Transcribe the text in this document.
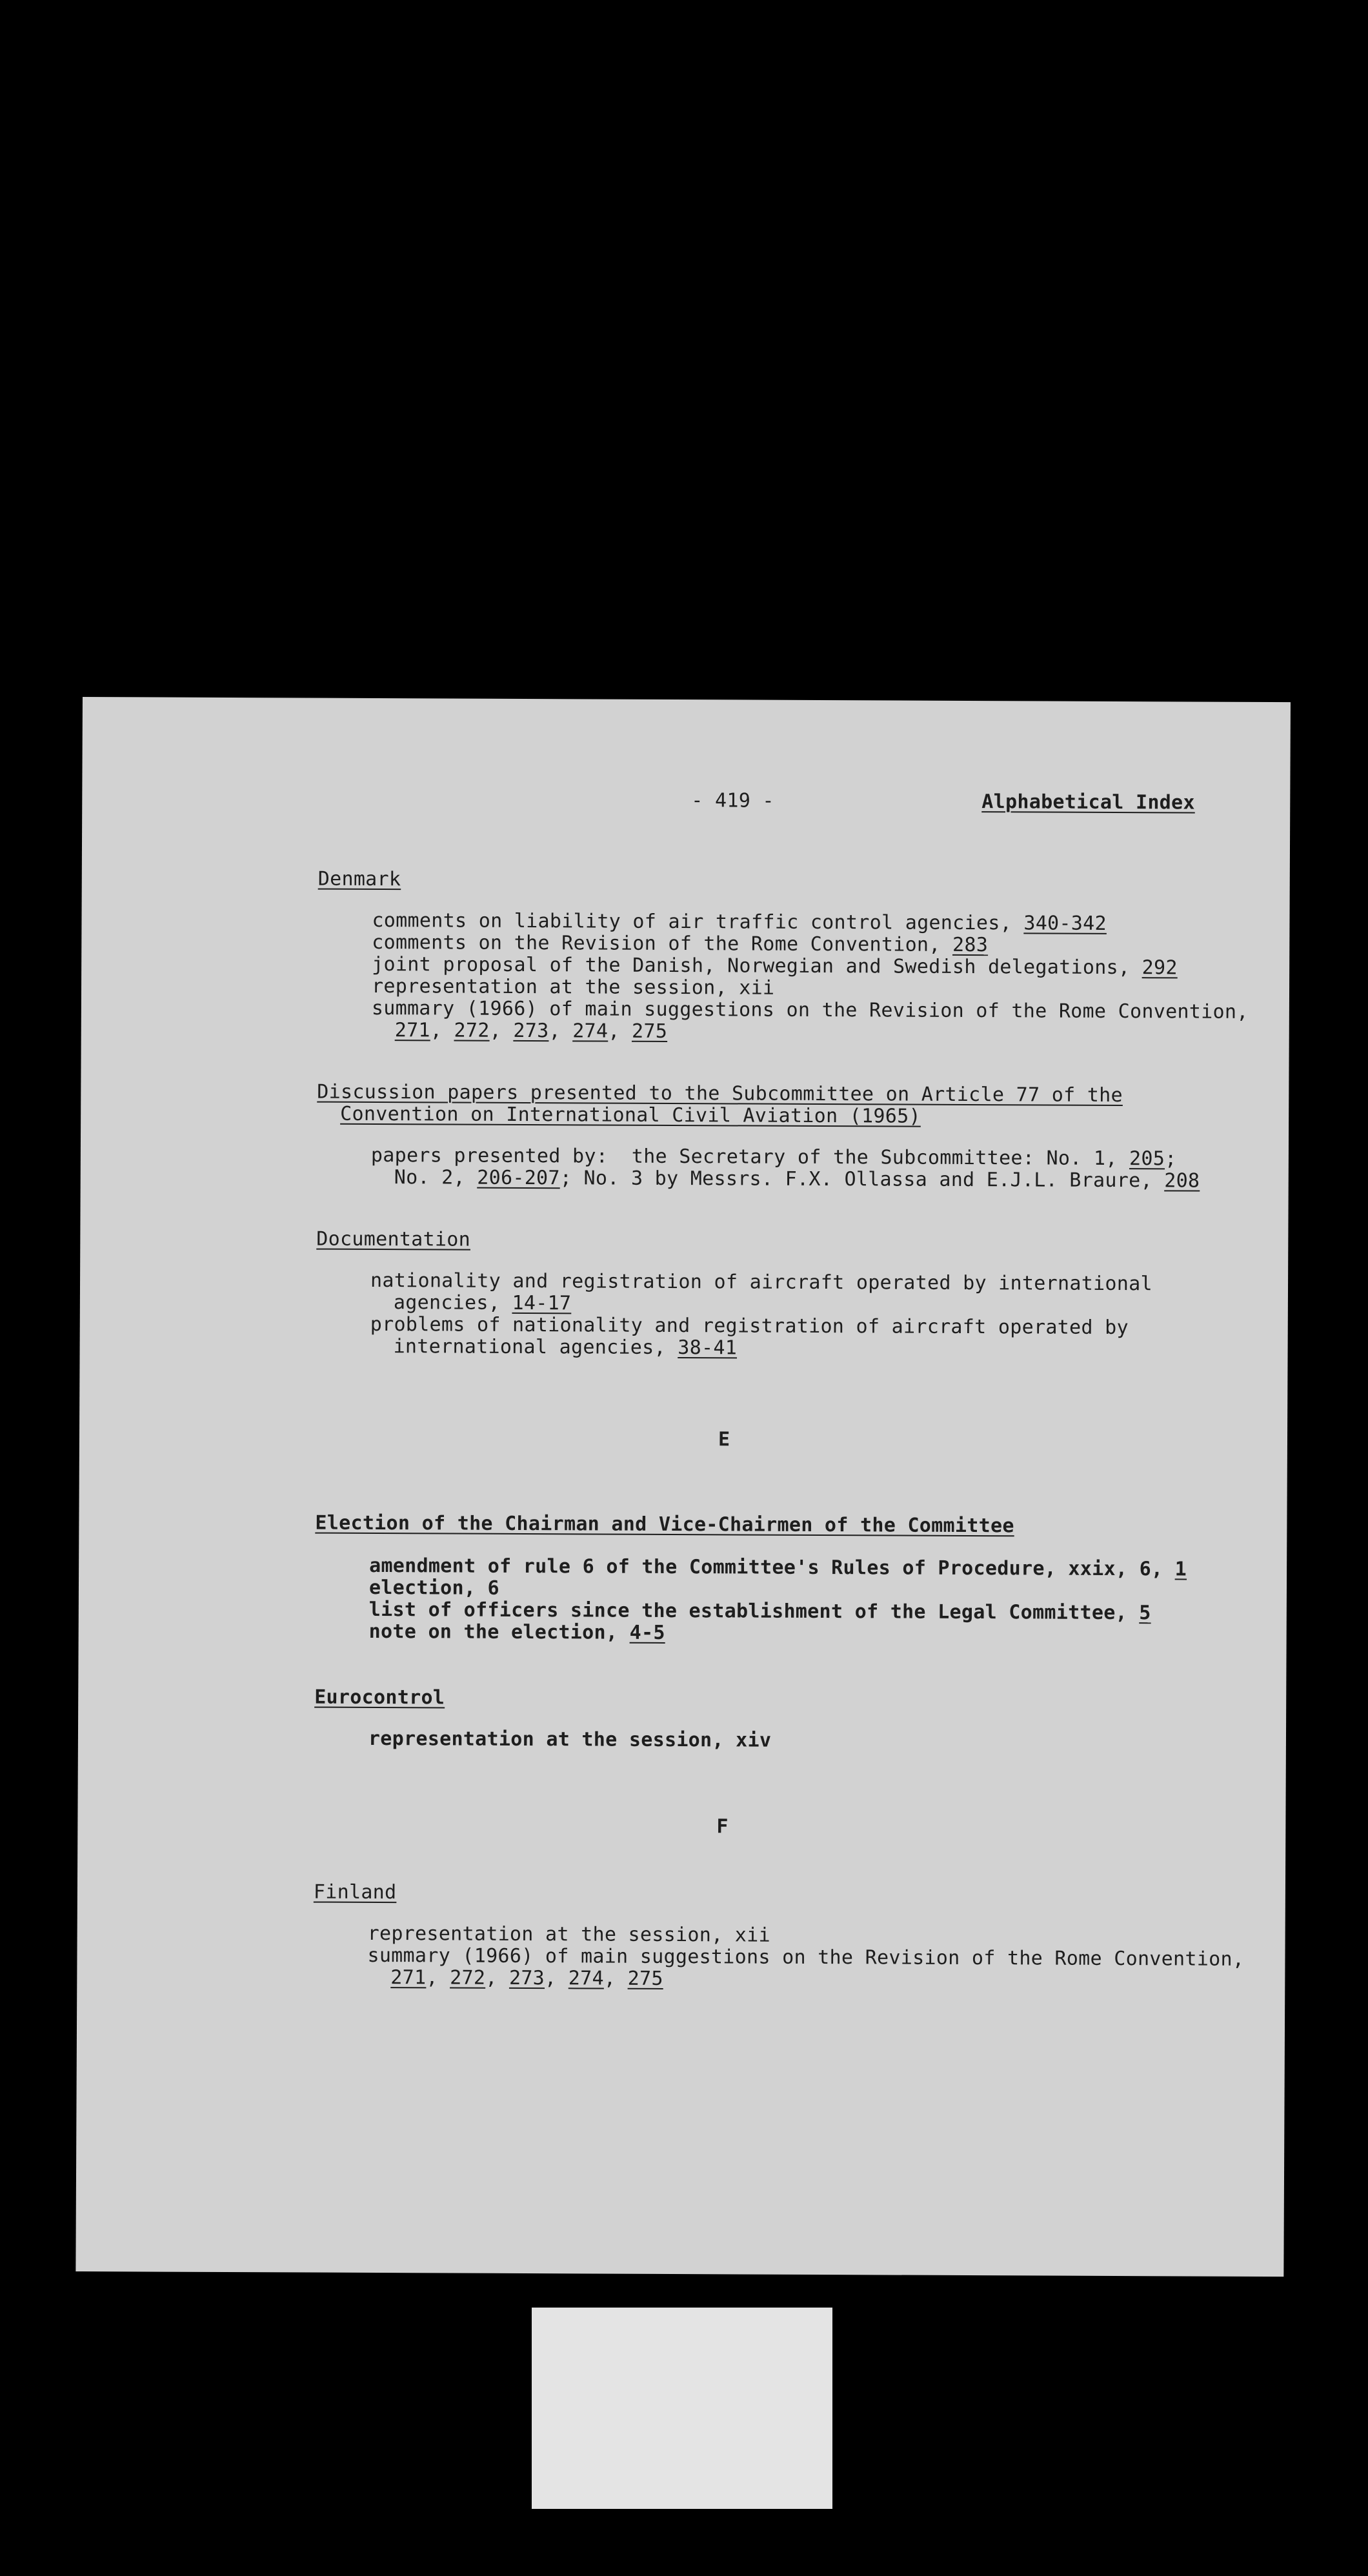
- 419 -	Alphabetical Index
Denmark
comments on liability of air traffic control agencies, 340-342
comments on the Revision of the Rome Convention, 283
joint proposal of the Danish, Norwegian and Swedish delegations, 292
representation at the session, xii
summary (1966) of main suggestions on the Revision of the Rome Convention,
271, 272, 273, 274, 275
Discussion papers presented to the Subcommittee on Article 77 of the
Convention on International Civil Aviation (1965)
papers presented by:  the Secretary of the Subcommittee: No. 1, 205;
No. 2, 206-207; No. 3 by Messrs. F.X. Ollassa and E.J.L. Braure, 208
Documentation
nationality and registration of aircraft operated by international
agencies, 14-17
problems of nationality and registration of aircraft operated by
international agencies, 38-41
E
Election of the Chairman and Vice-Chairmen of the Committee
amendment of rule 6 of the Committee's Rules of Procedure, xxix, 6, 1
election, 6
list of officers since the establishment of the Legal Committee, 5
note on the election, 4-5
Eurocontrol
representation at the session, xiv
F
Finland
representation at the session, xii
summary (1966) of main suggestions on the Revision of the Rome Convention,
271, 272, 273, 274, 275
